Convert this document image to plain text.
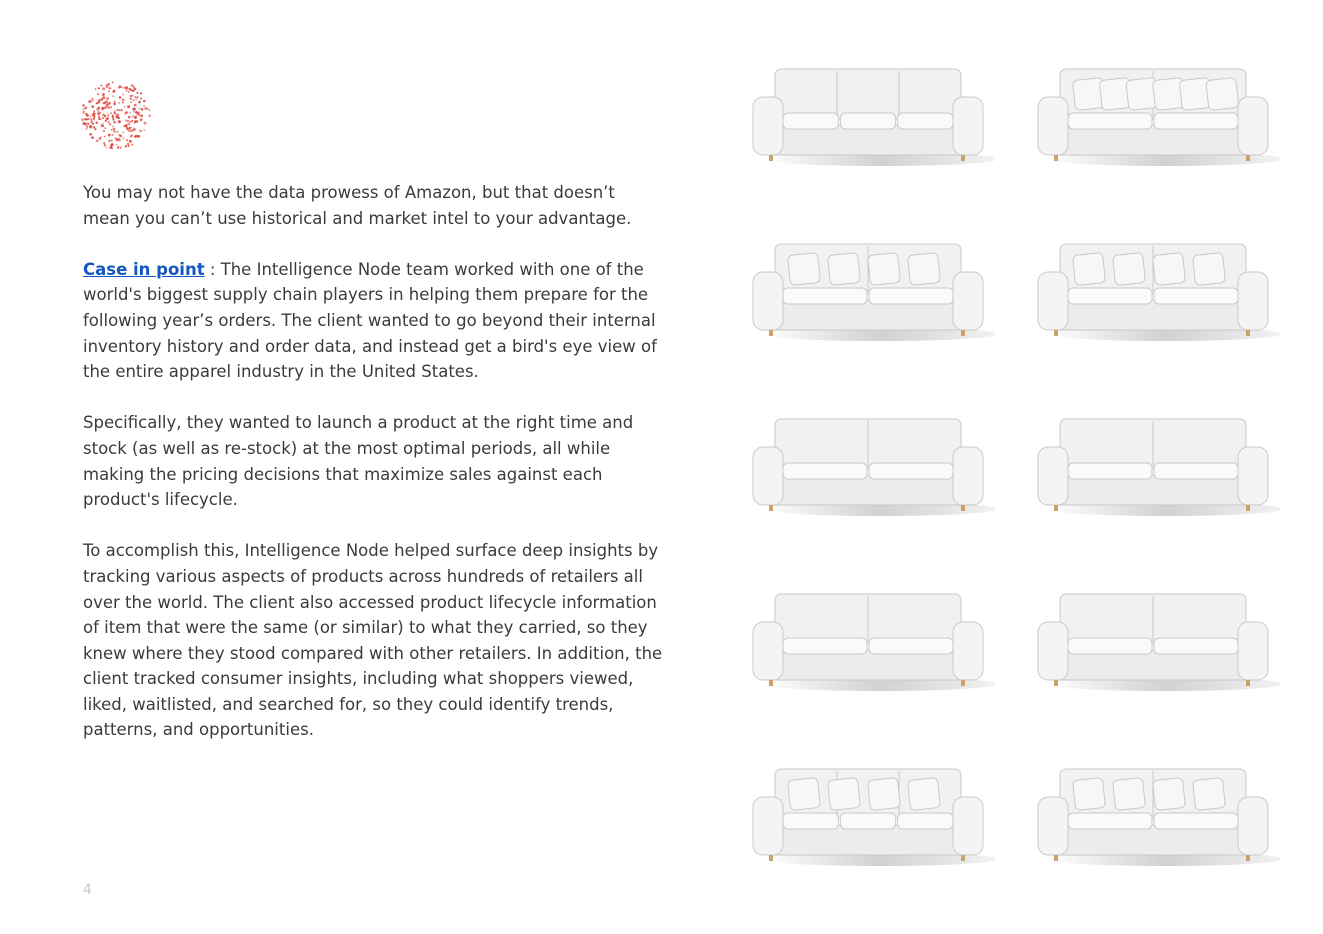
You may not have the data prowess of Amazon, but that doesn’t mean you can’t use historical and market intel to your advantage.

Case in point : The Intelligence Node team worked with one of the world's biggest supply chain players in helping them prepare for the following year’s orders. The client wanted to go beyond their internal inventory history and order data, and instead get a bird's eye view of the entire apparel industry in the United States.

Specifically, they wanted to launch a product at the right time and stock (as well as re-stock) at the most optimal periods, all while making the pricing decisions that maximize sales against each product's lifecycle.

To accomplish this, Intelligence Node helped surface deep insights by tracking various aspects of products across hundreds of retailers all over the world. The client also accessed product lifecycle information of item that were the same (or similar) to what they carried, so they knew where they stood compared with other retailers. In addition, the client tracked consumer insights, including what shoppers viewed, liked, waitlisted, and searched for, so they could identify trends, patterns, and opportunities.

4
